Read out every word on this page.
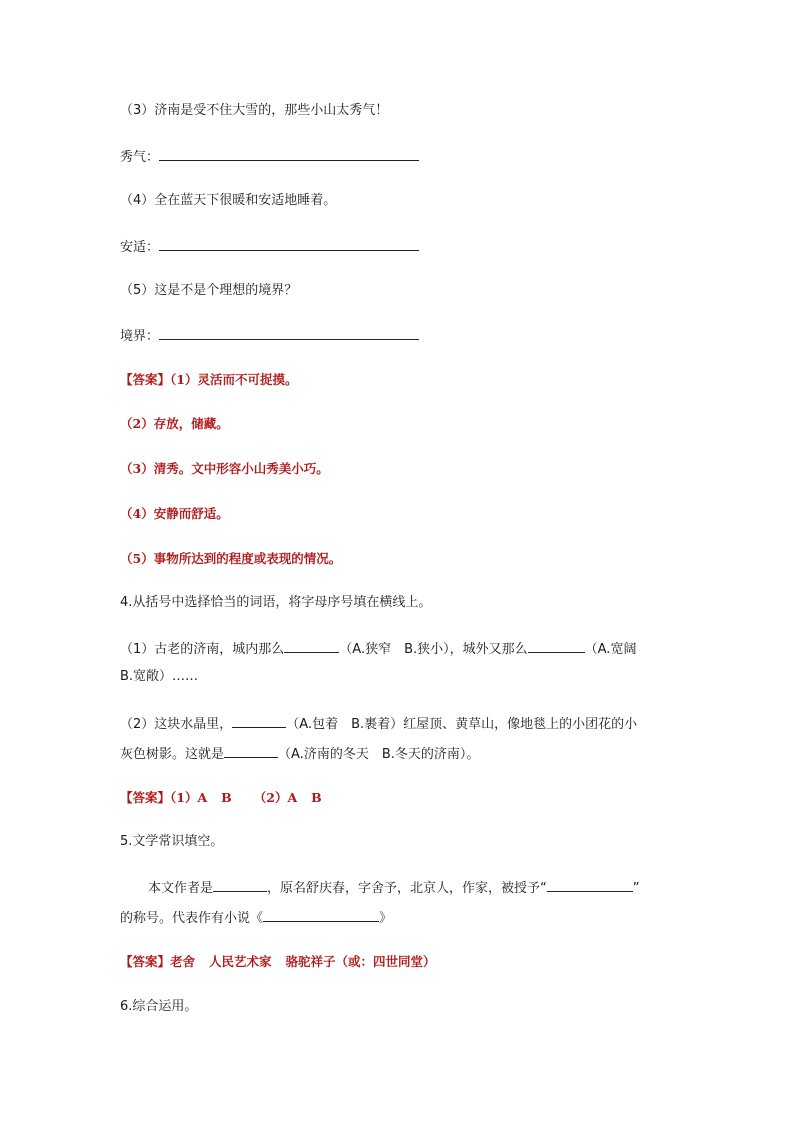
（3）济南是受不住大雪的，那些小山太秀气！
秀气：
（4）全在蓝天下很暖和安适地睡着。
安适：
（5）这是不是个理想的境界？
境界：
【答案】（1）灵活而不可捉摸。
（2）存放，储藏。
（3）清秀。文中形容小山秀美小巧。
（4）安静而舒适。
（5）事物所达到的程度或表现的情况。
4.从括号中选择恰当的词语，将字母序号填在横线上。
（1）古老的济南，城内那么	（A.狭窄　B.狭小），城外又那么	（A.宽阔
B.宽敞）……
（2）这块水晶里，	（A.包着　B.裹着）红屋顶、黄草山，像地毯上的小团花的小
灰色树影。这就是	（A.济南的冬天　B.冬天的济南）。
【答案】（1）A B （2）A B
5.文学常识填空。
本文作者是	，原名舒庆春，字舍予，北京人，作家，被授予“	”
的称号。代表作有小说《	》
【答案】老舍 人民艺术家 骆驼祥子（或：四世同堂）
6.综合运用。
